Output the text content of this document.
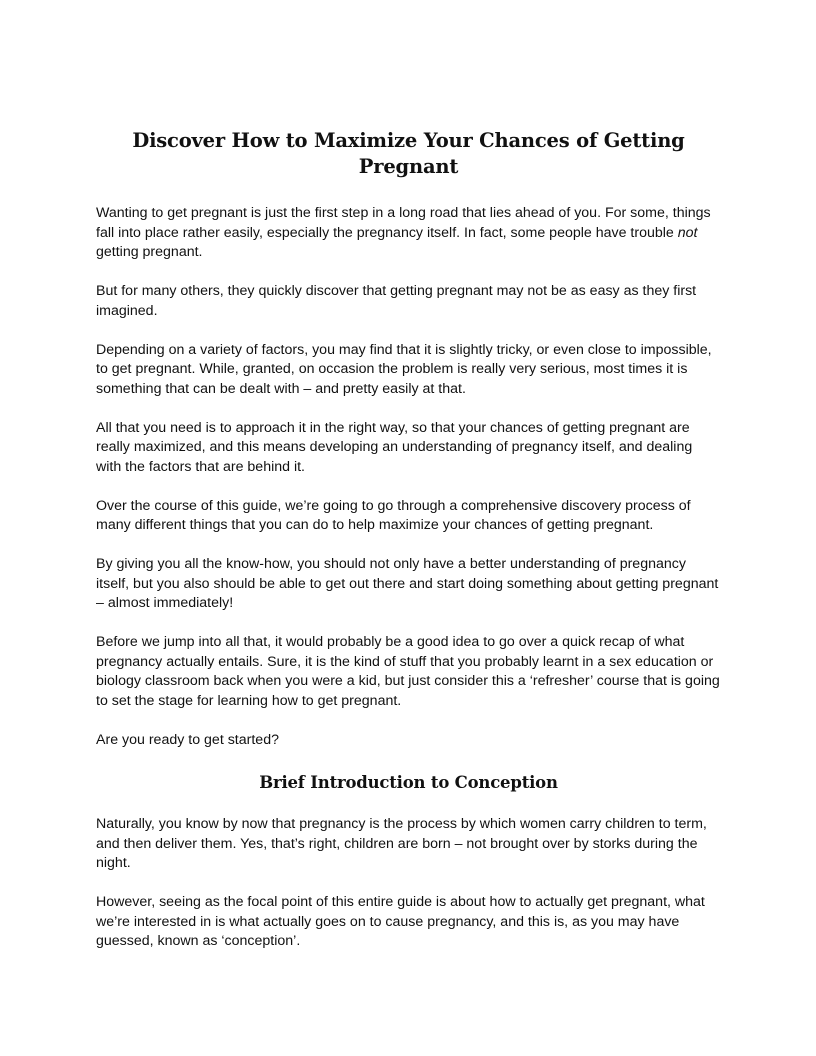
Discover How to Maximize Your Chances of Getting Pregnant

Wanting to get pregnant is just the first step in a long road that lies ahead of you. For some, things fall into place rather easily, especially the pregnancy itself. In fact, some people have trouble not getting pregnant.

But for many others, they quickly discover that getting pregnant may not be as easy as they first imagined.

Depending on a variety of factors, you may find that it is slightly tricky, or even close to impossible, to get pregnant. While, granted, on occasion the problem is really very serious, most times it is something that can be dealt with – and pretty easily at that.

All that you need is to approach it in the right way, so that your chances of getting pregnant are really maximized, and this means developing an understanding of pregnancy itself, and dealing with the factors that are behind it.

Over the course of this guide, we’re going to go through a comprehensive discovery process of many different things that you can do to help maximize your chances of getting pregnant.

By giving you all the know-how, you should not only have a better understanding of pregnancy itself, but you also should be able to get out there and start doing something about getting pregnant – almost immediately!

Before we jump into all that, it would probably be a good idea to go over a quick recap of what pregnancy actually entails. Sure, it is the kind of stuff that you probably learnt in a sex education or biology classroom back when you were a kid, but just consider this a ‘refresher’ course that is going to set the stage for learning how to get pregnant.

Are you ready to get started?

Brief Introduction to Conception

Naturally, you know by now that pregnancy is the process by which women carry children to term, and then deliver them. Yes, that’s right, children are born – not brought over by storks during the night.

However, seeing as the focal point of this entire guide is about how to actually get pregnant, what we’re interested in is what actually goes on to cause pregnancy, and this is, as you may have guessed, known as ‘conception’.
